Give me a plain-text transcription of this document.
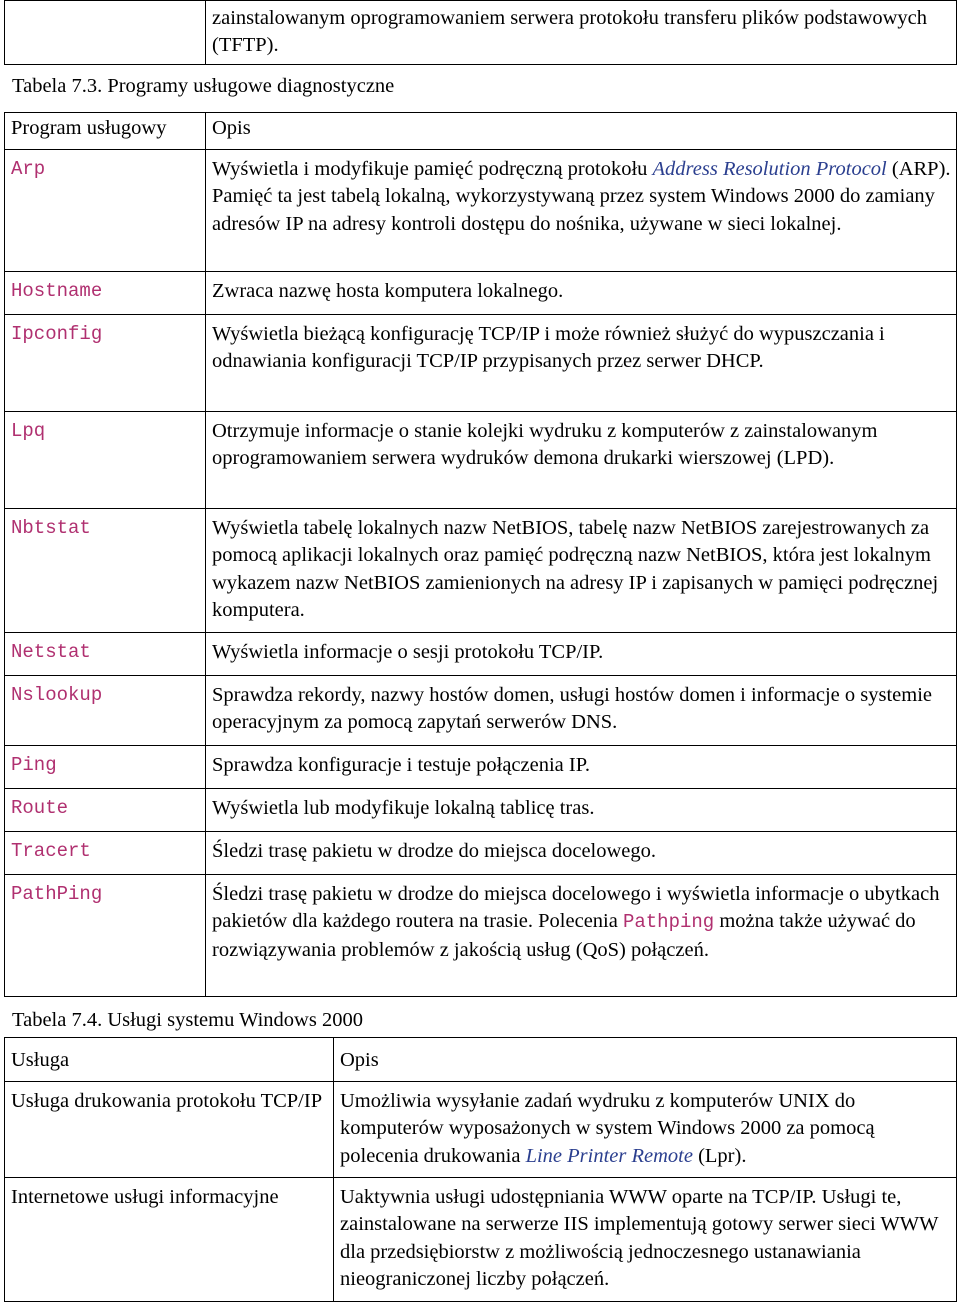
zainstalowanym oprogramowaniem serwera protokołu transferu plików podstawowych (TFTP).
Tabela 7.3. Programy usługowe diagnostyczne
Program usługowy	Opis

Arp	Wyświetla i modyfikuje pamięć podręczną protokołu Address Resolution Protocol (ARP). Pamięć ta jest tabelą lokalną, wykorzystywaną przez system Windows 2000 do zamiany adresów IP na adresy kontroli dostępu do nośnika, używane w sieci lokalnej.

Hostname	Zwraca nazwę hosta komputera lokalnego.

Ipconfig	Wyświetla bieżącą konfigurację TCP/IP i może również służyć do wypuszczania i odnawiania konfiguracji TCP/IP przypisanych przez serwer DHCP.

Lpq	Otrzymuje informacje o stanie kolejki wydruku z komputerów z zainstalowanym oprogramowaniem serwera wydruków demona drukarki wierszowej (LPD).

Nbtstat	Wyświetla tabelę lokalnych nazw NetBIOS, tabelę nazw NetBIOS zarejestrowanych za pomocą aplikacji lokalnych oraz pamięć podręczną nazw NetBIOS, która jest lokalnym wykazem nazw NetBIOS zamienionych na adresy IP i zapisanych w pamięci podręcznej komputera.

Netstat	Wyświetla informacje o sesji protokołu TCP/IP.

Nslookup	Sprawdza rekordy, nazwy hostów domen, usługi hostów domen i informacje o systemie operacyjnym za pomocą zapytań serwerów DNS.

Ping	Sprawdza konfiguracje i testuje połączenia IP.

Route	Wyświetla lub modyfikuje lokalną tablicę tras.

Tracert	Śledzi trasę pakietu w drodze do miejsca docelowego.

PathPing	Śledzi trasę pakietu w drodze do miejsca docelowego i wyświetla informacje o ubytkach pakietów dla każdego routera na trasie. Polecenia Pathping można także używać do rozwiązywania problemów z jakością usług (QoS) połączeń.
Tabela 7.4. Usługi systemu Windows 2000
Usługa	Opis

Usługa drukowania protokołu TCP/IP	Umożliwia wysyłanie zadań wydruku z komputerów UNIX do komputerów wyposażonych w system Windows 2000 za pomocą polecenia drukowania Line Printer Remote (Lpr).

Internetowe usługi informacyjne	Uaktywnia usługi udostępniania WWW oparte na TCP/IP. Usługi te, zainstalowane na serwerze IIS implementują gotowy serwer sieci WWW dla przedsiębiorstw z możliwością jednoczesnego ustanawiania nieograniczonej liczby połączeń.
